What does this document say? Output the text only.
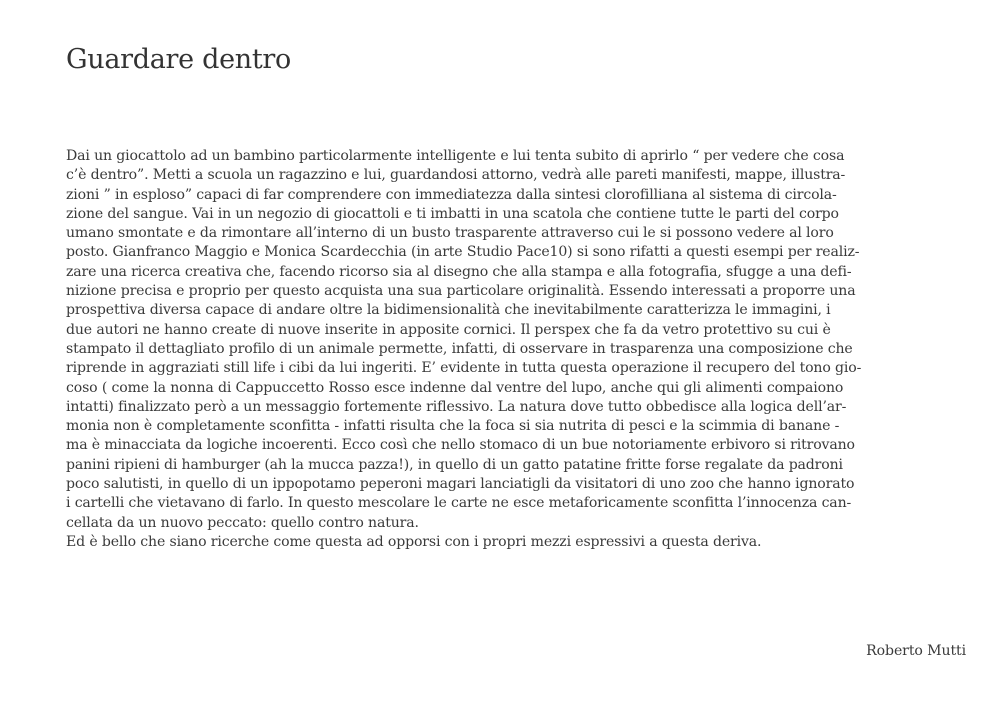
Guardare dentro
Dai un giocattolo ad un bambino particolarmente intelligente e lui tenta subito di aprirlo “ per vedere che cosa
c’è dentro”. Metti a scuola un ragazzino e lui, guardandosi attorno, vedrà alle pareti manifesti, mappe, illustra-
zioni ” in esploso” capaci di far comprendere con immediatezza dalla sintesi clorofilliana al sistema di circola-
zione del sangue. Vai in un negozio di giocattoli e ti imbatti in una scatola che contiene tutte le parti del corpo
umano smontate e da rimontare all’interno di un busto trasparente attraverso cui le si possono vedere al loro
posto. Gianfranco Maggio e Monica Scardecchia (in arte Studio Pace10) si sono rifatti a questi esempi per realiz-
zare una ricerca creativa che, facendo ricorso sia al disegno che alla stampa e alla fotografia, sfugge a una defi-
nizione precisa e proprio per questo acquista una sua particolare originalità. Essendo interessati a proporre una
prospettiva diversa capace di andare oltre la bidimensionalità che inevitabilmente caratterizza le immagini, i
due autori ne hanno create di nuove inserite in apposite cornici. Il perspex che fa da vetro protettivo su cui è
stampato il dettagliato profilo di un animale permette, infatti, di osservare in trasparenza una composizione che
riprende in aggraziati still life i cibi da lui ingeriti. E’ evidente in tutta questa operazione il recupero del tono gio-
coso ( come la nonna di Cappuccetto Rosso esce indenne dal ventre del lupo, anche qui gli alimenti compaiono
intatti) finalizzato però a un messaggio fortemente riflessivo. La natura dove tutto obbedisce alla logica dell’ar-
monia non è completamente sconfitta - infatti risulta che la foca si sia nutrita di pesci e la scimmia di banane -
ma è minacciata da logiche incoerenti. Ecco così che nello stomaco di un bue notoriamente erbivoro si ritrovano
panini ripieni di hamburger (ah la mucca pazza!), in quello di un gatto patatine fritte forse regalate da padroni
poco salutisti, in quello di un ippopotamo peperoni magari lanciatigli da visitatori di uno zoo che hanno ignorato
i cartelli che vietavano di farlo. In questo mescolare le carte ne esce metaforicamente sconfitta l’innocenza can-
cellata da un nuovo peccato: quello contro natura.
Ed è bello che siano ricerche come questa ad opporsi con i propri mezzi espressivi a questa deriva.

Roberto Mutti
